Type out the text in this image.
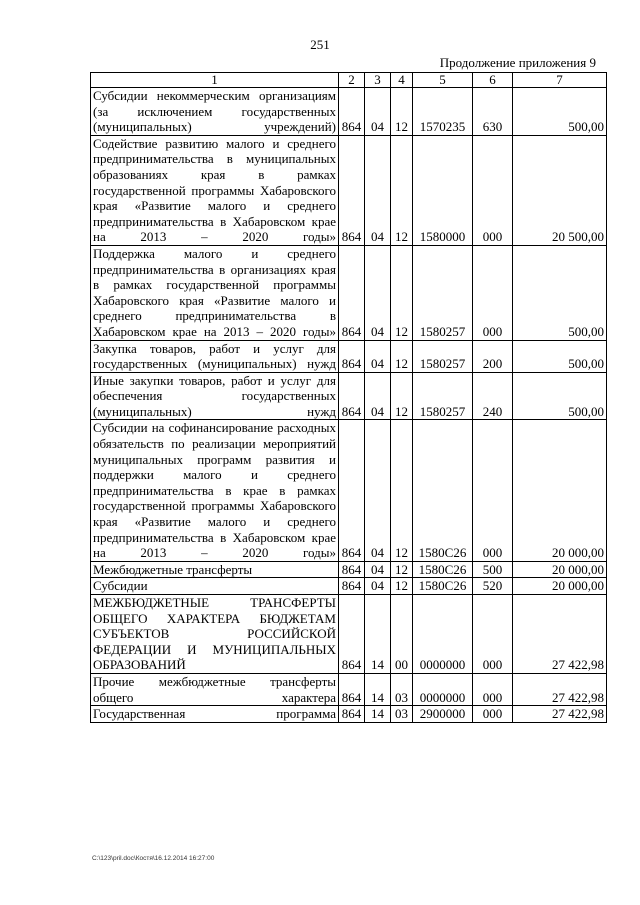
251
Продолжение приложения 9
1	2	3	4	5	6	7
Субсидии некоммерческим организациям (за исключением государственных (муниципальных) учреждений)	864	04	12	1570235	630	500,00
Содействие развитию малого и среднего предпринимательства в муниципальных образованиях края в рамках государственной программы Хабаровского края «Развитие малого и среднего предпринимательства в Хабаровском крае на 2013 – 2020 годы»	864	04	12	1580000	000	20 500,00
Поддержка малого и среднего предпринимательства в организациях края в рамках государственной программы Хабаровского края «Развитие малого и среднего предпринимательства в Хабаровском крае на 2013 – 2020 годы»	864	04	12	1580257	000	500,00
Закупка товаров, работ и услуг для государственных (муниципальных) нужд	864	04	12	1580257	200	500,00
Иные закупки товаров, работ и услуг для обеспечения государственных (муниципальных) нужд	864	04	12	1580257	240	500,00
Субсидии на софинансирование расходных обязательств по реализации мероприятий муниципальных программ развития и поддержки малого и среднего предпринимательства в крае в рамках государственной программы Хабаровского края «Развитие малого и среднего предпринимательства в Хабаровском крае на 2013 – 2020 годы»	864	04	12	1580С26	000	20 000,00
Межбюджетные трансферты	864	04	12	1580С26	500	20 000,00
Субсидии	864	04	12	1580С26	520	20 000,00
МЕЖБЮДЖЕТНЫЕ ТРАНСФЕРТЫ ОБЩЕГО ХАРАКТЕРА БЮДЖЕТАМ СУБЪЕКТОВ РОССИЙСКОЙ ФЕДЕРАЦИИ И МУНИЦИПАЛЬНЫХ ОБРАЗОВАНИЙ	864	14	00	0000000	000	27 422,98
Прочие межбюджетные трансферты общего характера	864	14	03	0000000	000	27 422,98
Государственная программа	864	14	03	2900000	000	27 422,98
C:\123\pril.doc\Костя\16.12.2014 16:27:00
